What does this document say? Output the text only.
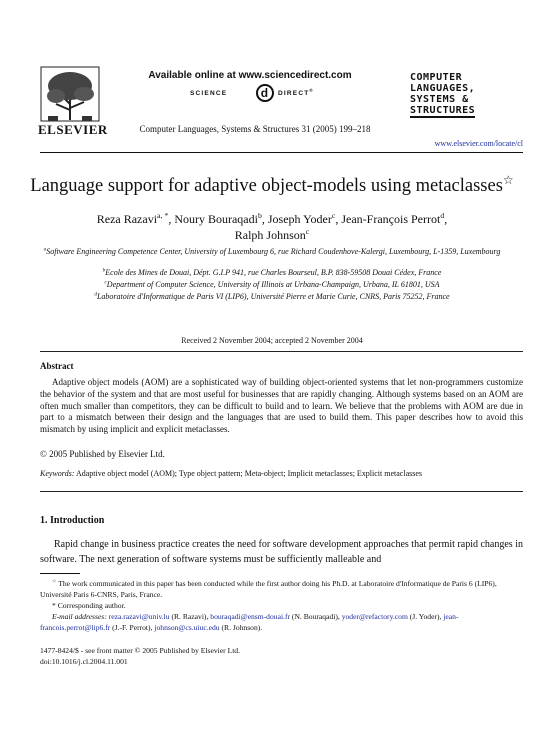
ELSEVIER
Available online at www.sciencedirect.com
SCIENCE	d	DIRECT®
Computer Languages, Systems & Structures 31 (2005) 199–218
COMPUTER
LANGUAGES,
SYSTEMS &
STRUCTURES
www.elsevier.com/locate/cl
Language support for adaptive object-models using metaclasses☆
Reza Razavi$^{a, *}$, Noury Bouraqadi$^b$, Joseph Yoder$^c$, Jean-François Perrot$^d$,
Ralph Johnson$^c$
$^a$Software Engineering Competence Center, University of Luxembourg 6, rue Richard Coudenhove-Kalergi, Luxembourg, L-1359, Luxembourg
$^b$Ecole des Mines de Douai, Dépt. G.I.P 941, rue Charles Bourseul, B.P. 838-59508 Douai Cédex, France
$^c$Department of Computer Science, University of Illinois at Urbana-Champaign, Urbana, IL 61801, USA
$^d$Laboratoire d'Informatique de Paris VI (LIP6), Université Pierre et Marie Curie, CNRS, Paris 75252, France
Received 2 November 2004; accepted 2 November 2004
Abstract
Adaptive object models (AOM) are a sophisticated way of building object-oriented systems that let non-programmers customize the behavior of the system and that are most useful for businesses that are rapidly changing. Although systems based on an AOM are often much smaller than competitors, they can be difficult to build and to learn. We believe that the problems with AOM are due in part to a mismatch between their design and the languages that are used to build them. This paper describes how to avoid this mismatch by using implicit and explicit metaclasses.
© 2005 Published by Elsevier Ltd.
Keywords: Adaptive object model (AOM); Type object pattern; Meta-object; Implicit metaclasses; Explicit metaclasses
1. Introduction
Rapid change in business practice creates the need for software development approaches that permit rapid changes in software. The next generation of software systems must be sufficiently malleable and
☆ The work communicated in this paper has been conducted while the first author doing his Ph.D. at Laboratoire d'Informatique de Paris 6 (LIP6), Université Paris 6-CNRS, Paris, France.
* Corresponding author.
E-mail addresses: reza.razavi@univ.lu (R. Razavi), bouraqadi@ensm-douai.fr (N. Bouraqadi), yoder@refactory.com (J. Yoder), jean-francois.perrot@lip6.fr (J.-F. Perrot), johnson@cs.uiuc.edu (R. Johnson).
1477-8424/$ - see front matter © 2005 Published by Elsevier Ltd.
doi:10.1016/j.cl.2004.11.001
